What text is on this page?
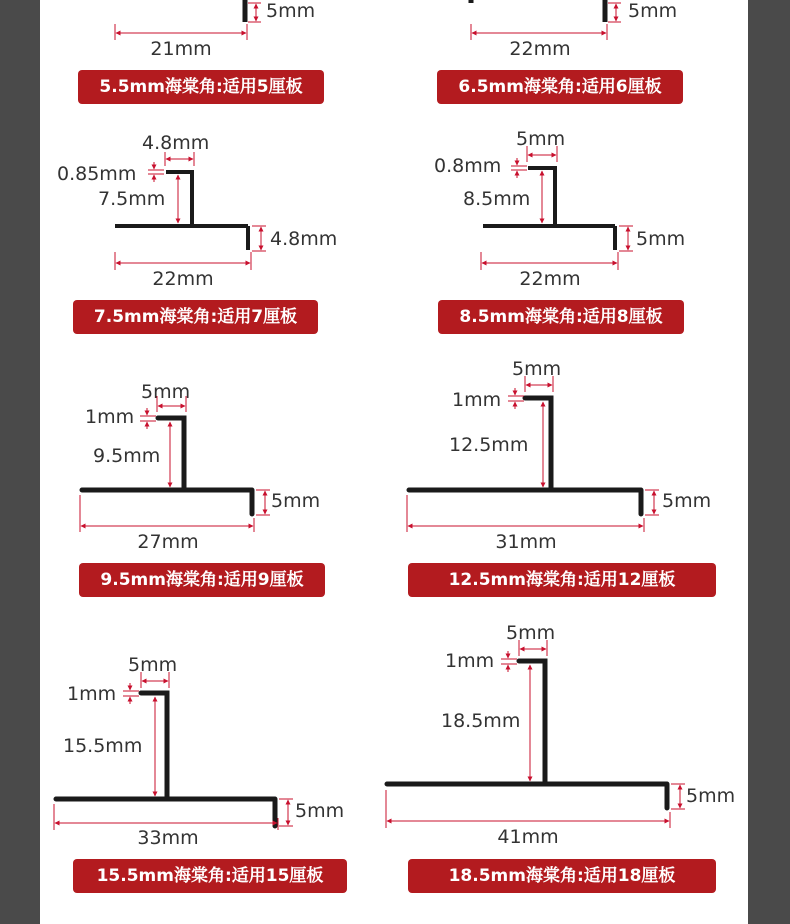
5mm
21mm
5mm
22mm
4.8mm
0.85mm
7.5mm
4.8mm
22mm
5mm
0.8mm
8.5mm
5mm
22mm
5mm
1mm
9.5mm
5mm
27mm
5mm
1mm
12.5mm
5mm
31mm
5mm
1mm
15.5mm
5mm
33mm
5mm
1mm
18.5mm
5mm
41mm
5.5mm海棠角:适用5厘板	6.5mm海棠角:适用6厘板
7.5mm海棠角:适用7厘板	8.5mm海棠角:适用8厘板
9.5mm海棠角:适用9厘板	12.5mm海棠角:适用12厘板
15.5mm海棠角:适用15厘板	18.5mm海棠角:适用18厘板
